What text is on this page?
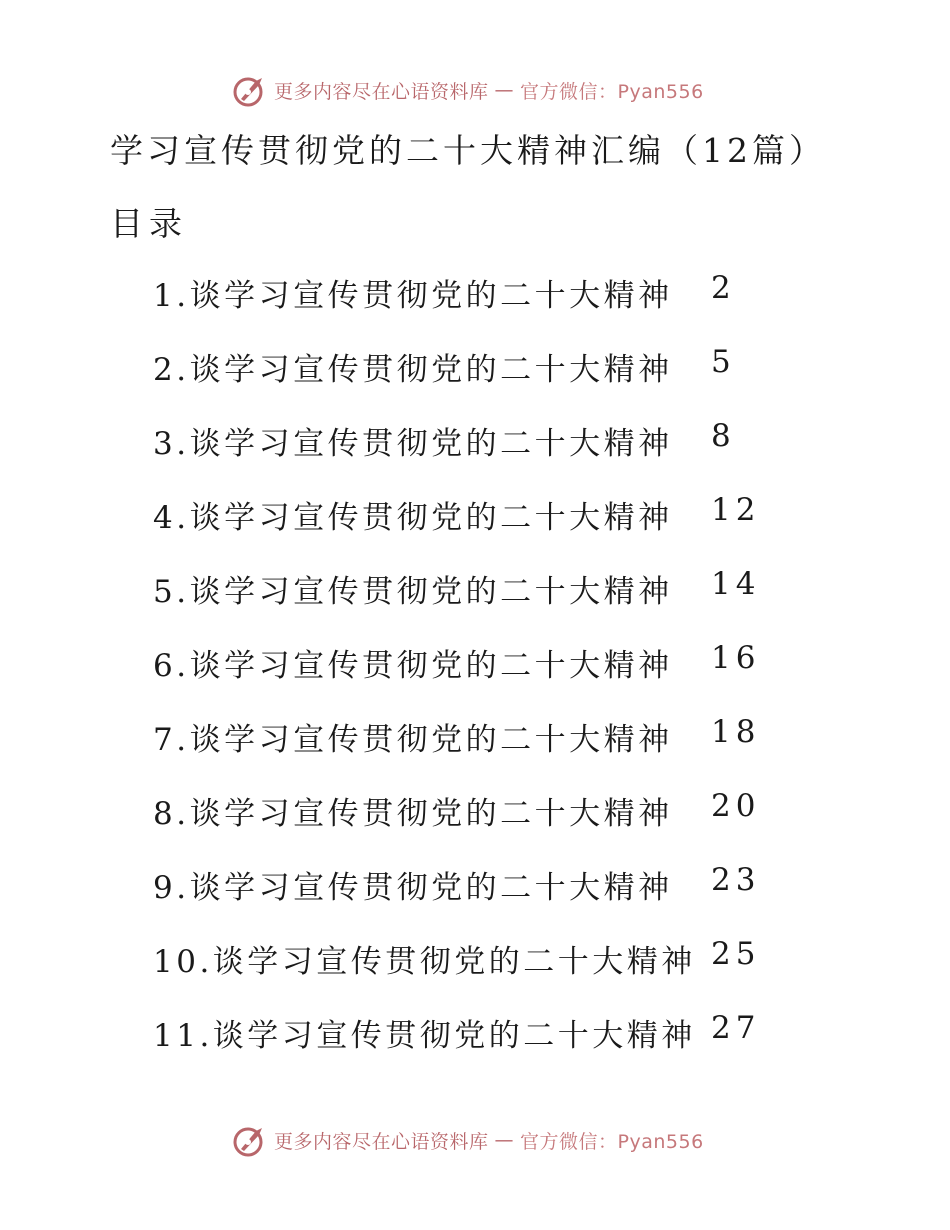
更多内容尽在心语资料库 — 官方微信：Pyan556
学习宣传贯彻党的二十大精神汇编（12篇）
目录
1.谈学习宣传贯彻党的二十大精神 2
2.谈学习宣传贯彻党的二十大精神 5
3.谈学习宣传贯彻党的二十大精神 8
4.谈学习宣传贯彻党的二十大精神 12
5.谈学习宣传贯彻党的二十大精神 14
6.谈学习宣传贯彻党的二十大精神 16
7.谈学习宣传贯彻党的二十大精神 18
8.谈学习宣传贯彻党的二十大精神 20
9.谈学习宣传贯彻党的二十大精神 23
10.谈学习宣传贯彻党的二十大精神 25
11.谈学习宣传贯彻党的二十大精神 27
更多内容尽在心语资料库 — 官方微信：Pyan556
